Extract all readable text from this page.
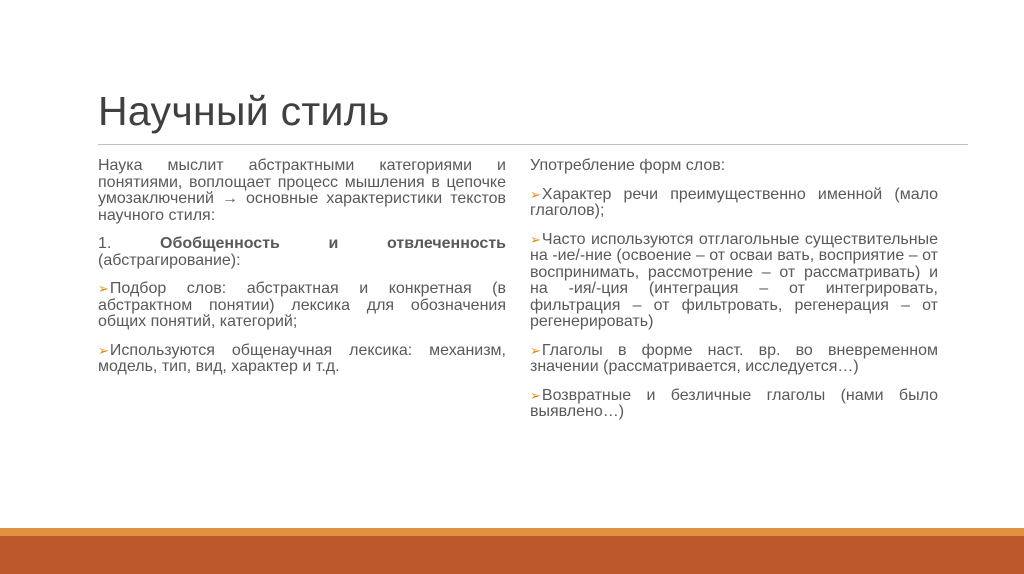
Научный стиль

Наука мыслит абстрактными категориями и понятиями, воплощает процесс мышления в цепочке умозаключений → основные характеристики текстов научного стиля:

1.	Обобщенность и отвлеченность (абстрагирование):

➢Подбор слов: абстрактная и конкретная (в абстрактном понятии) лексика для обозначения общих понятий, категорий;

➢Используются общенаучная лексика: механизм, модель, тип, вид, характер и т.д.

Употребление форм слов:

➢Характер речи преимущественно именной (мало глаголов);

➢Часто используются отглагольные существительные на -ие/-ние (освоение – от осваи вать, восприятие – от воспринимать, рассмотрение – от рассматривать) и на -ия/-ция (интеграция – от интегрировать, фильтрация – от фильтровать, регенерация – от регенерировать)

➢Глаголы в форме наст. вр. во вневременном значении (рассматривается, исследуется…)

➢Возвратные и безличные глаголы (нами было выявлено…)
